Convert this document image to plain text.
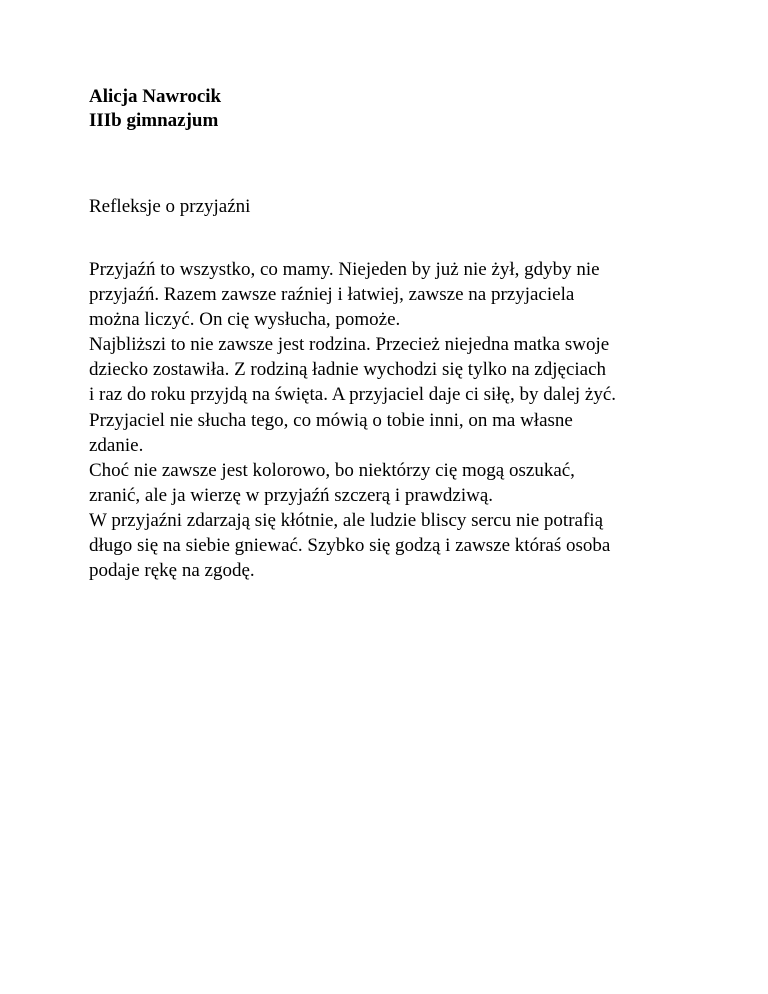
Alicja Nawrocik
IIIb gimnazjum
Refleksje o przyjaźni
Przyjaźń to wszystko, co mamy. Niejeden by już nie żył, gdyby nie
przyjaźń. Razem zawsze raźniej i łatwiej, zawsze na przyjaciela
można liczyć. On cię wysłucha, pomoże.
Najbliższi to nie zawsze jest rodzina. Przecież niejedna matka swoje
dziecko zostawiła. Z rodziną ładnie wychodzi się tylko na zdjęciach
i raz do roku przyjdą na święta. A przyjaciel daje ci siłę, by dalej żyć.
Przyjaciel nie słucha tego, co mówią o tobie inni, on ma własne
zdanie.
Choć nie zawsze jest kolorowo, bo niektórzy cię mogą oszukać,
zranić, ale ja wierzę w przyjaźń szczerą i prawdziwą.
W przyjaźni zdarzają się kłótnie, ale ludzie bliscy sercu nie potrafią
długo się na siebie gniewać. Szybko się godzą i zawsze któraś osoba
podaje rękę na zgodę.
